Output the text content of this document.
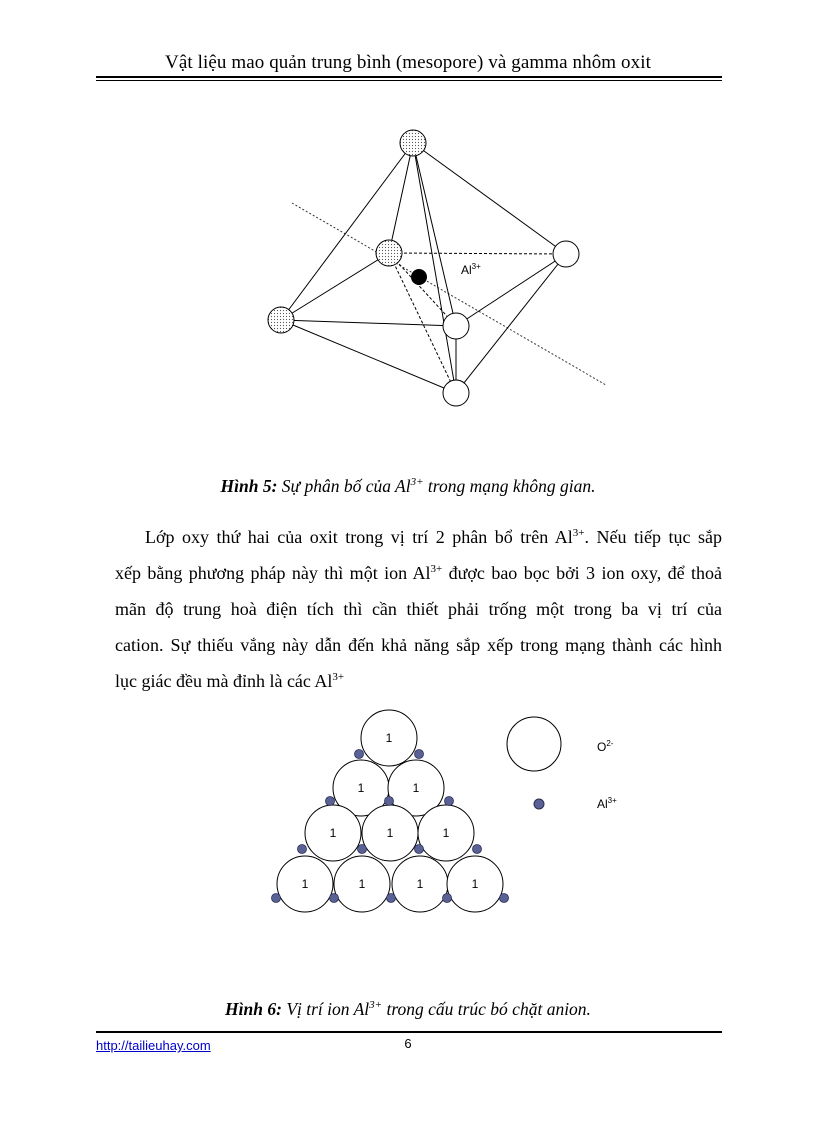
Vật liệu mao quản trung bình (mesopore) và gamma nhôm oxit
$Al^{3+}$
Hình 5: Sự phân bố của $Al^{3+}$ trong mạng không gian.

Lớp oxy thứ hai của oxit trong vị trí 2 phân bổ trên $Al^{3+}$. Nếu tiếp tục sắp

xếp bằng phương pháp này thì một ion $Al^{3+}$ được bao bọc bởi 3 ion oxy, để thoả
mãn độ trung hoà điện tích thì cần thiết phải trống một trong ba vị trí của
cation. Sự thiếu vắng này dẫn đến khả năng sắp xếp trong mạng thành các hình
lục giác đều mà đỉnh là các $Al^{3+}$
1
1	1
1	1	1
1	1	1	1
$O^{2-}$
$Al^{3+}$
Hình 6: Vị trí ion $Al^{3+}$ trong cấu trúc bó chặt anion.
http://tailieuhay.com	6
